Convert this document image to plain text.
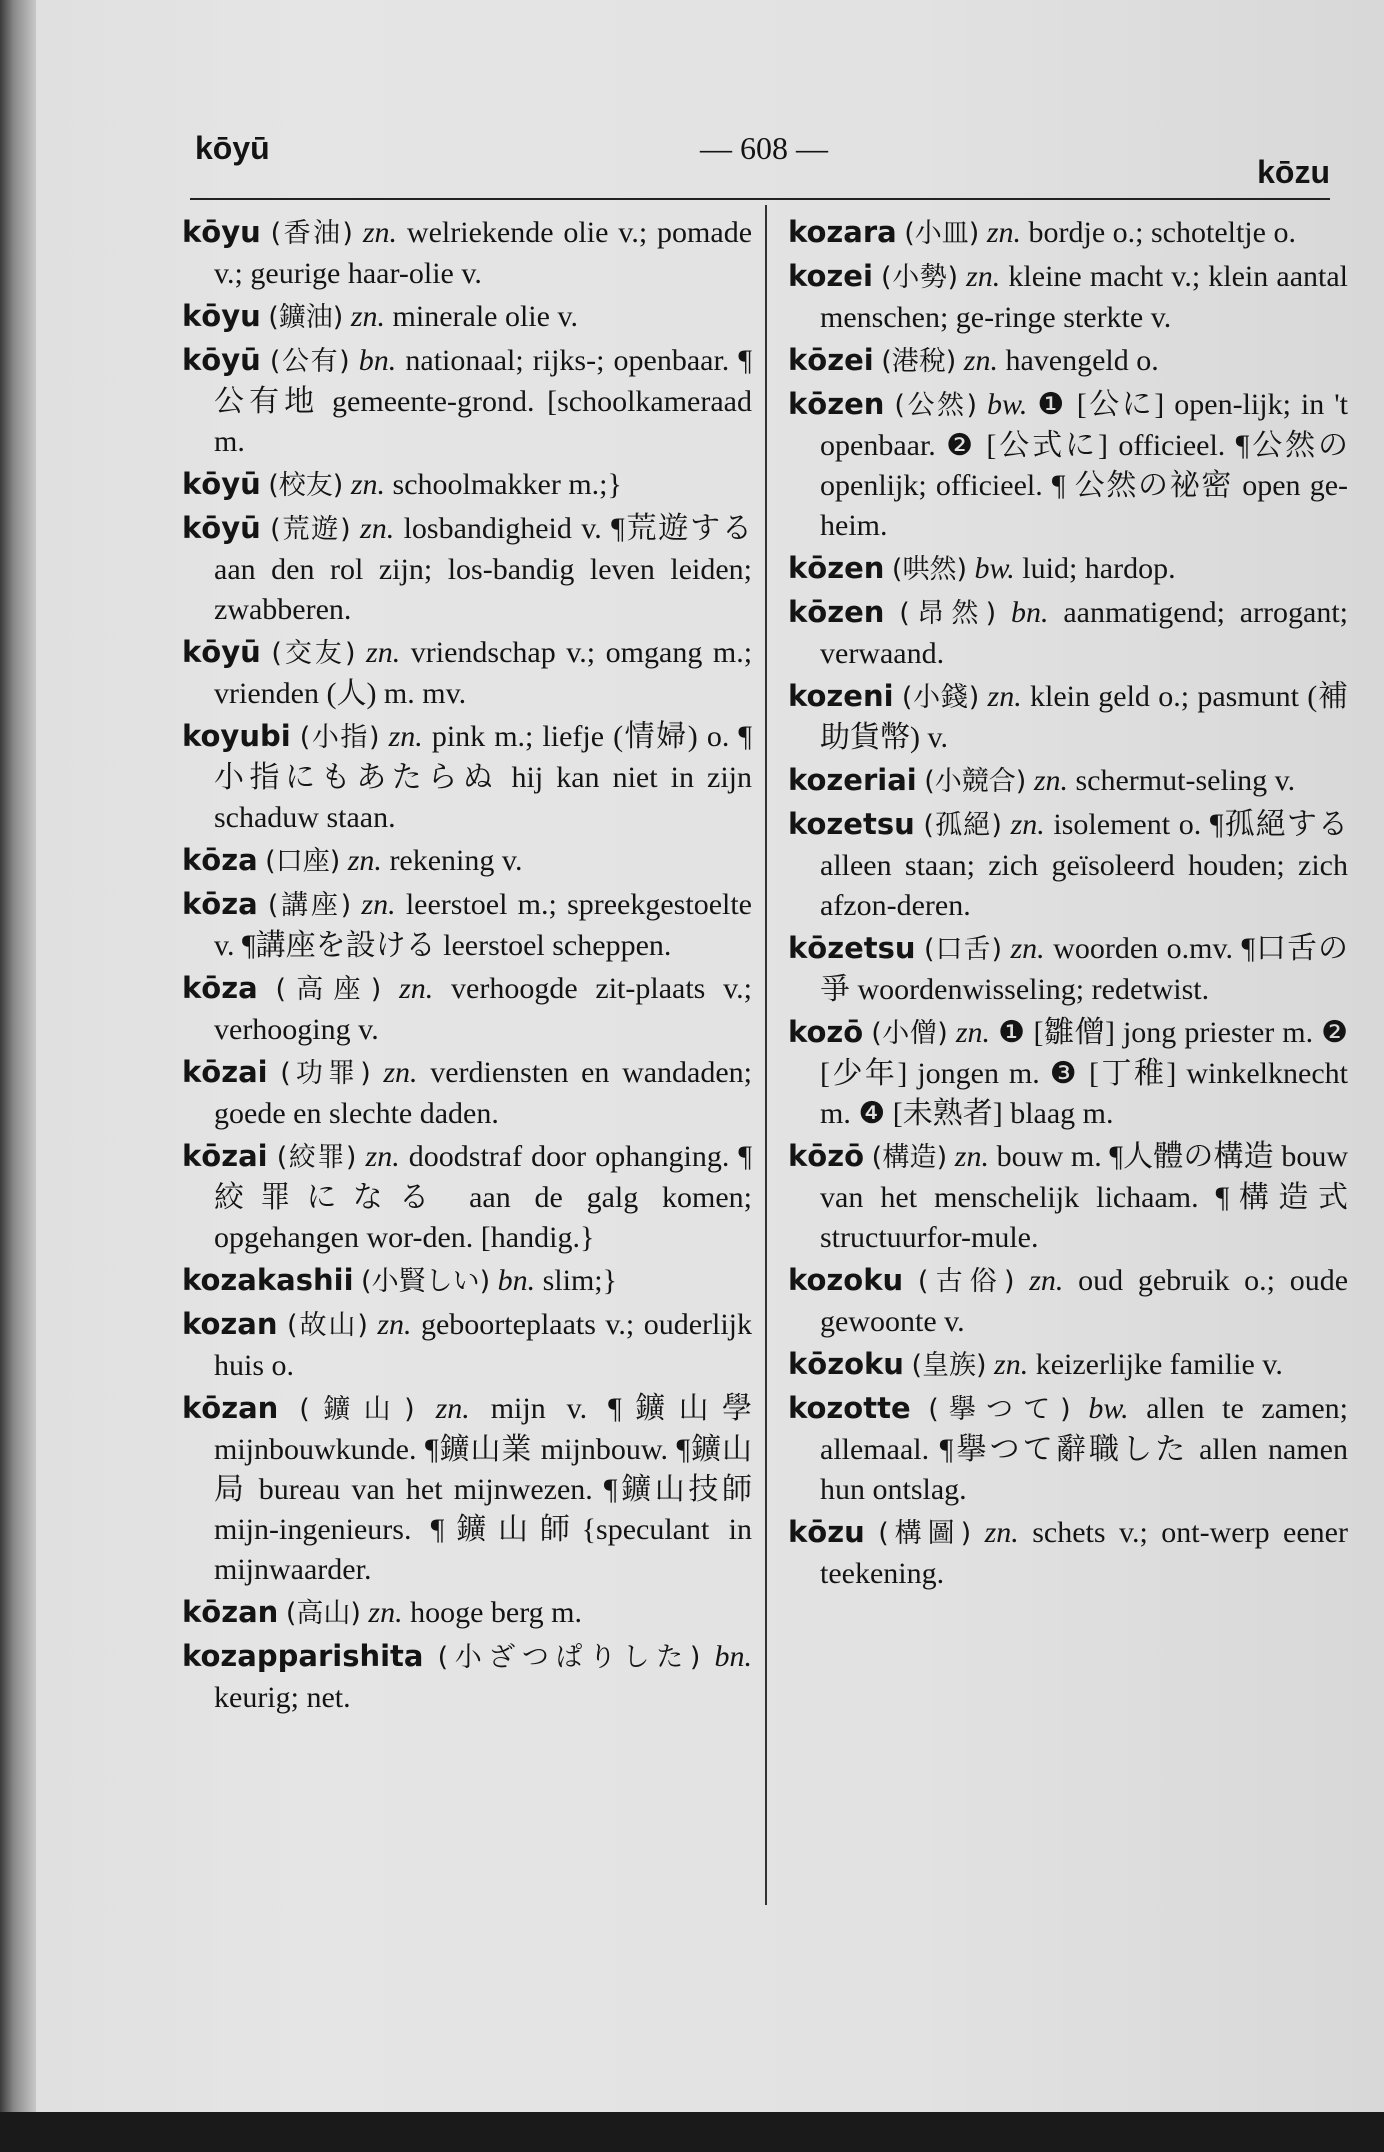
kōyū	— 608 —
kōzu
kōyu (香油) zn. welriekende olie v.; pomade v.; geurige haar-olie v.
kōyu (鑛油) zn. minerale olie v.
kōyū (公有) bn. nationaal; rijks-; openbaar. ¶公有地 gemeente-grond. [schoolkameraad m.
kōyū (校友) zn. schoolmakker m.;}
kōyū (荒遊) zn. losbandigheid v. ¶荒遊する aan den rol zijn; los-bandig leven leiden; zwabberen.
kōyū (交友) zn. vriendschap v.; omgang m.; vrienden (人) m. mv.
koyubi (小指) zn. pink m.; liefje (情婦) o. ¶小指にもあたらぬ hij kan niet in zijn schaduw staan.
kōza (口座) zn. rekening v.
kōza (講座) zn. leerstoel m.; spreekgestoelte v. ¶講座を設ける leerstoel scheppen.
kōza (高座) zn. verhoogde zit-plaats v.; verhooging v.
kōzai (功罪) zn. verdiensten en wandaden; goede en slechte daden.
kōzai (絞罪) zn. doodstraf door ophanging. ¶絞罪になる aan de galg komen; opgehangen wor-den. [handig.}
kozakashii (小賢しい) bn. slim;}
kozan (故山) zn. geboorteplaats v.; ouderlijk huis o.
kōzan (鑛山) zn. mijn v. ¶鑛山學 mijnbouwkunde. ¶鑛山業 mijnbouw. ¶鑛山局 bureau van het mijnwezen. ¶鑛山技師 mijn-ingenieurs. ¶鑛山師{speculant in mijnwaarder.
kōzan (高山) zn. hooge berg m.
kozapparishita (小ざつぱりした) bn. keurig; net.
kozara (小皿) zn. bordje o.; schoteltje o.
kozei (小勢) zn. kleine macht v.; klein aantal menschen; ge-ringe sterkte v.
kōzei (港稅) zn. havengeld o.
kōzen (公然) bw. ❶ [公に] open-lijk; in 't openbaar. ❷ [公式に] officieel. ¶公然の openlijk; officieel. ¶ 公然の祕密 open ge-heim.
kōzen (哄然) bw. luid; hardop.
kōzen (昂然) bn. aanmatigend; arrogant; verwaand.
kozeni (小錢) zn. klein geld o.; pasmunt (補助貨幣) v.
kozeriai (小競合) zn. schermut-seling v.
kozetsu (孤絕) zn. isolement o. ¶孤絕する alleen staan; zich geïsoleerd houden; zich afzon-deren.
kōzetsu (口舌) zn. woorden o.mv. ¶口舌の爭 woordenwisseling; redetwist.
kozō (小僧) zn. ❶ [雛僧] jong priester m. ❷ [少年] jongen m. ❸ [丁稚] winkelknecht m. ❹ [未熟者] blaag m.
kōzō (構造) zn. bouw m. ¶人體の構造 bouw van het menschelijk lichaam. ¶構造式 structuurfor-mule.
kozoku (古俗) zn. oud gebruik o.; oude gewoonte v.
kōzoku (皇族) zn. keizerlijke familie v.
kozotte (擧つて) bw. allen te zamen; allemaal. ¶擧つて辭職した allen namen hun ontslag.
kōzu (構圖) zn. schets v.; ont-werp eener teekening.
